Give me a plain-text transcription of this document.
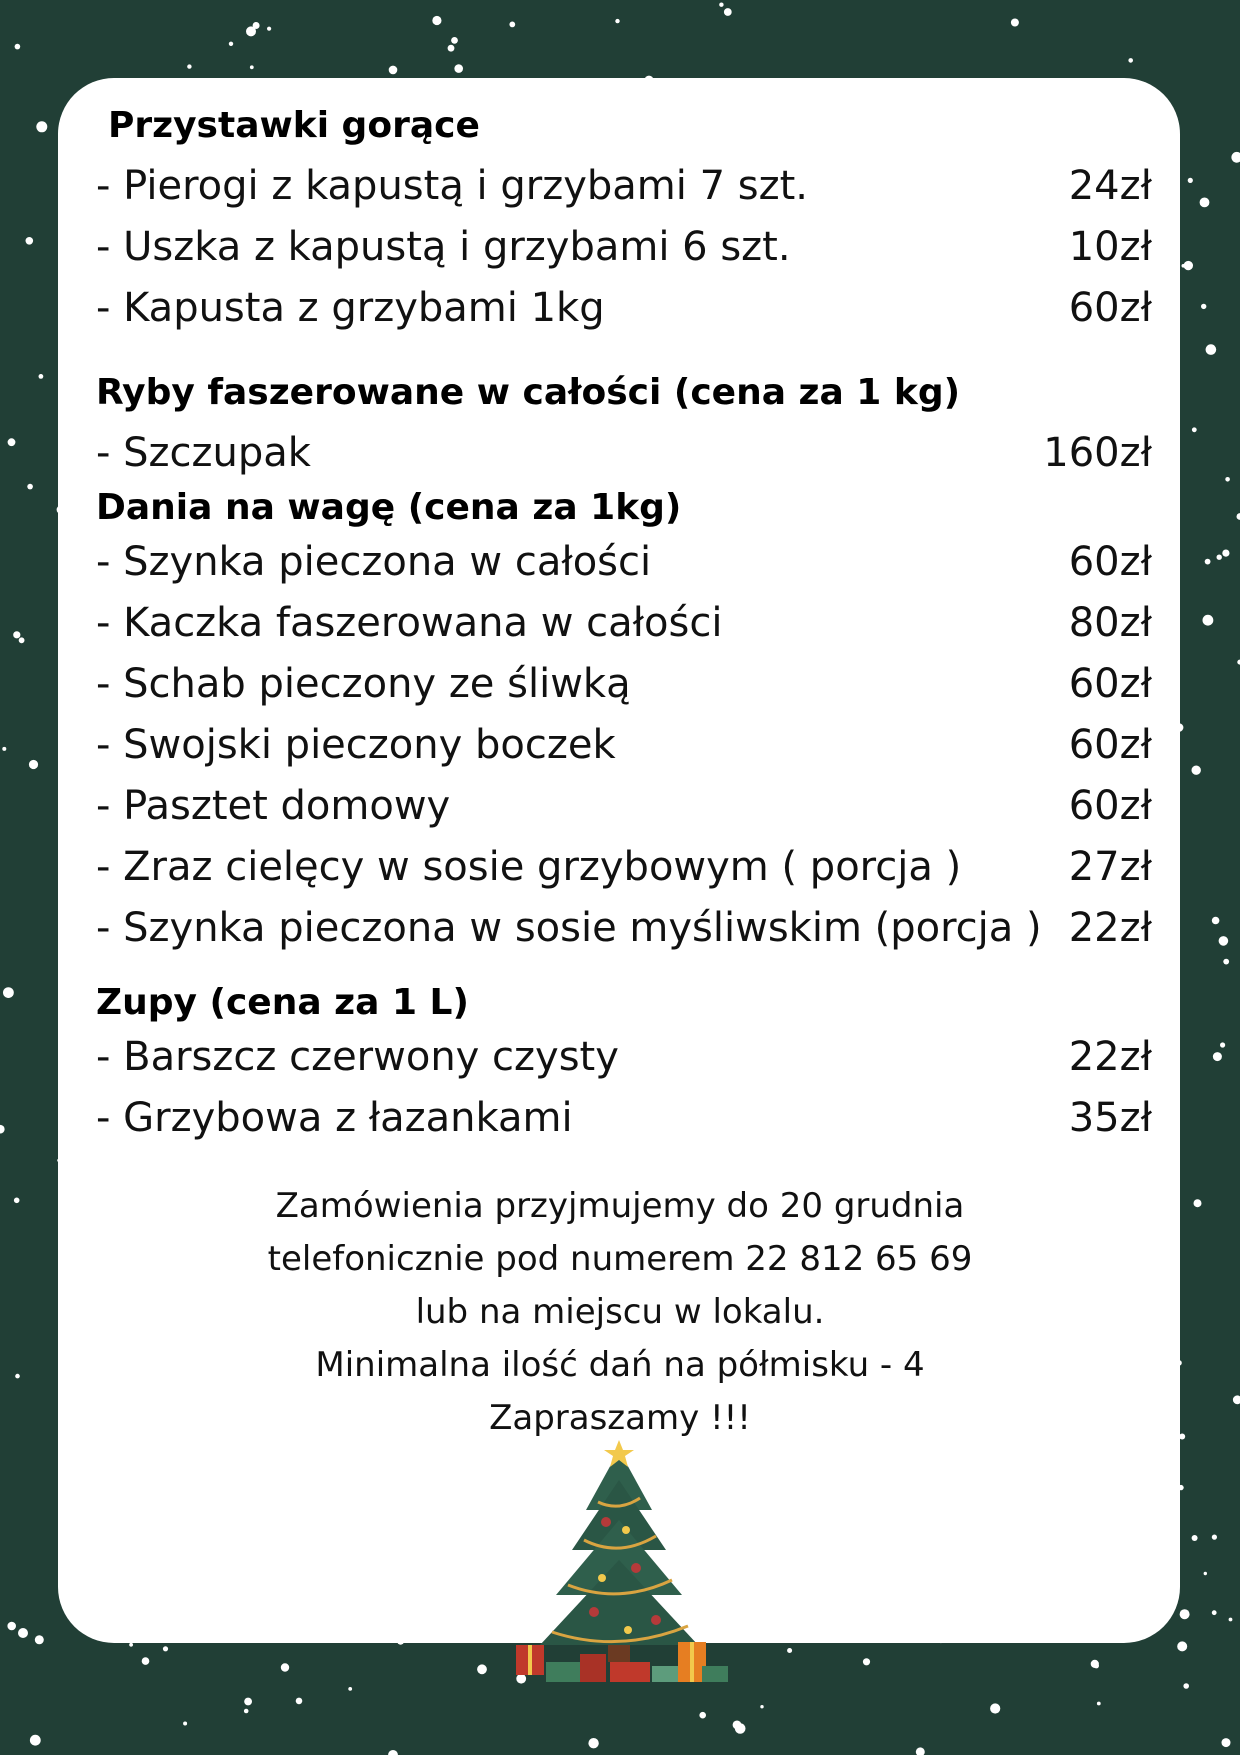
Przystawki gorące
- Pierogi z kapustą i grzybami 7 szt.	24zł
- Uszka z kapustą i grzybami 6 szt.	10zł
- Kapusta z grzybami 1kg	60zł
Ryby faszerowane w całości (cena za 1 kg)
- Szczupak	160zł
Dania na wagę (cena za 1kg)
- Szynka pieczona w całości	60zł
- Kaczka faszerowana w całości	80zł
- Schab pieczony ze śliwką	60zł
- Swojski pieczony boczek	60zł
- Pasztet domowy	60zł
- Zraz cielęcy w sosie grzybowym ( porcja )	27zł
- Szynka pieczona w sosie myśliwskim (porcja ) 22zł
Zupy (cena za 1 L)
- Barszcz czerwony czysty	22zł
- Grzybowa z łazankami	35zł
Zamówienia przyjmujemy do 20 grudnia
telefonicznie pod numerem 22 812 65 69
lub na miejscu w lokalu.
Minimalna ilość dań na półmisku - 4
Zapraszamy !!!
